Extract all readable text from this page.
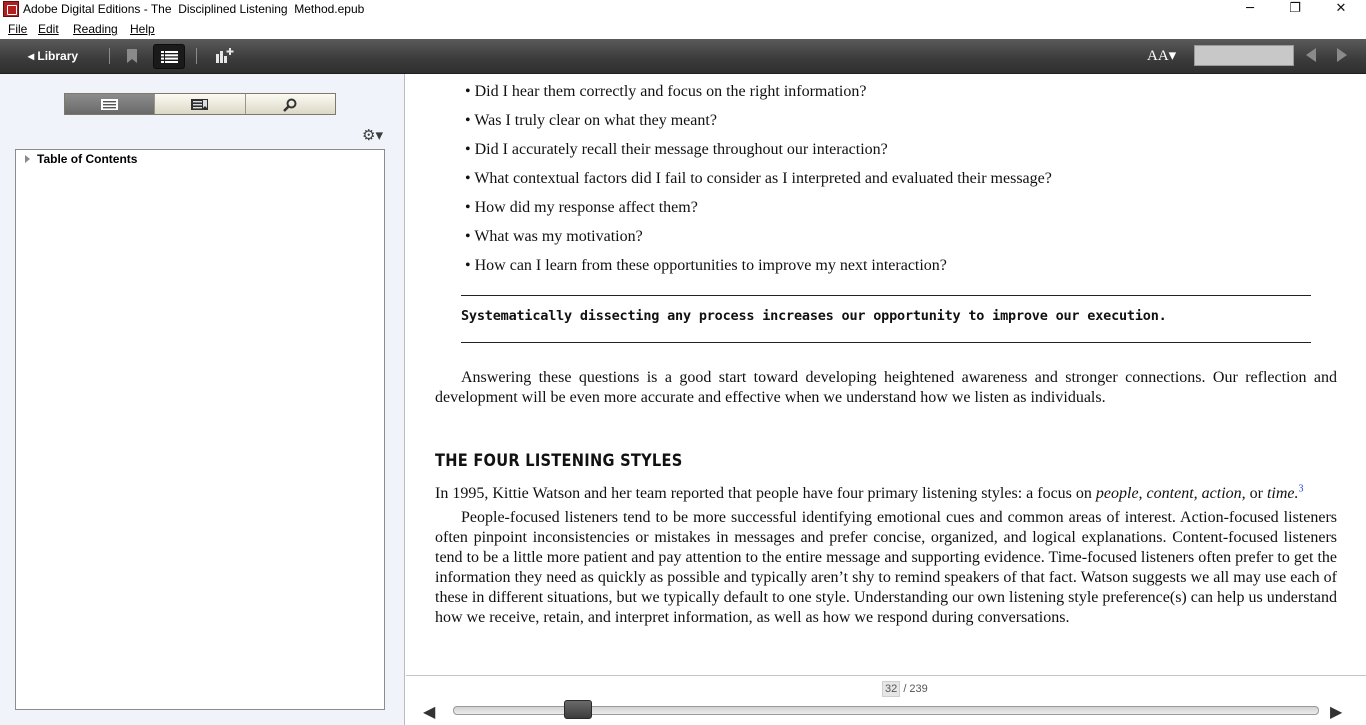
Adobe Digital Editions - The  Disciplined Listening  Method.epub	─	❐	✕
File Edit Reading Help
◂ Library	AA▾
⚙▾
Table of Contents
• Did I hear them correctly and focus on the right information?
• Was I truly clear on what they meant?
• Did I accurately recall their message throughout our interaction?
• What contextual factors did I fail to consider as I interpreted and evaluated their message?
• How did my response affect them?
• What was my motivation?
• How can I learn from these opportunities to improve my next interaction?
Systematically dissecting any process increases our opportunity to improve our execution.

Answering these questions is a good start toward developing heightened awareness and stronger connections. Our reflection and development will be even more accurate and effective when we understand how we listen as individuals.

THE FOUR LISTENING STYLES

In 1995, Kittie Watson and her team reported that people have four primary listening styles: a focus on people, content, action, or time.$^3$

People-focused listeners tend to be more successful identifying emotional cues and common areas of interest. Action-focused listeners often pinpoint inconsistencies or mistakes in messages and prefer concise, organized, and logical explanations. Content-focused listeners tend to be a little more patient and pay attention to the entire message and supporting evidence. Time-focused listeners often prefer to get the information they need as quickly as possible and typically aren’t shy to remind speakers of that fact. Watson suggests we all may use each of these in different situations, but we typically default to one style. Understanding our own listening style preference(s) can help us understand how we receive, retain, and interpret information, as well as how we respond during conversations.

32 / 239
◀	▶
